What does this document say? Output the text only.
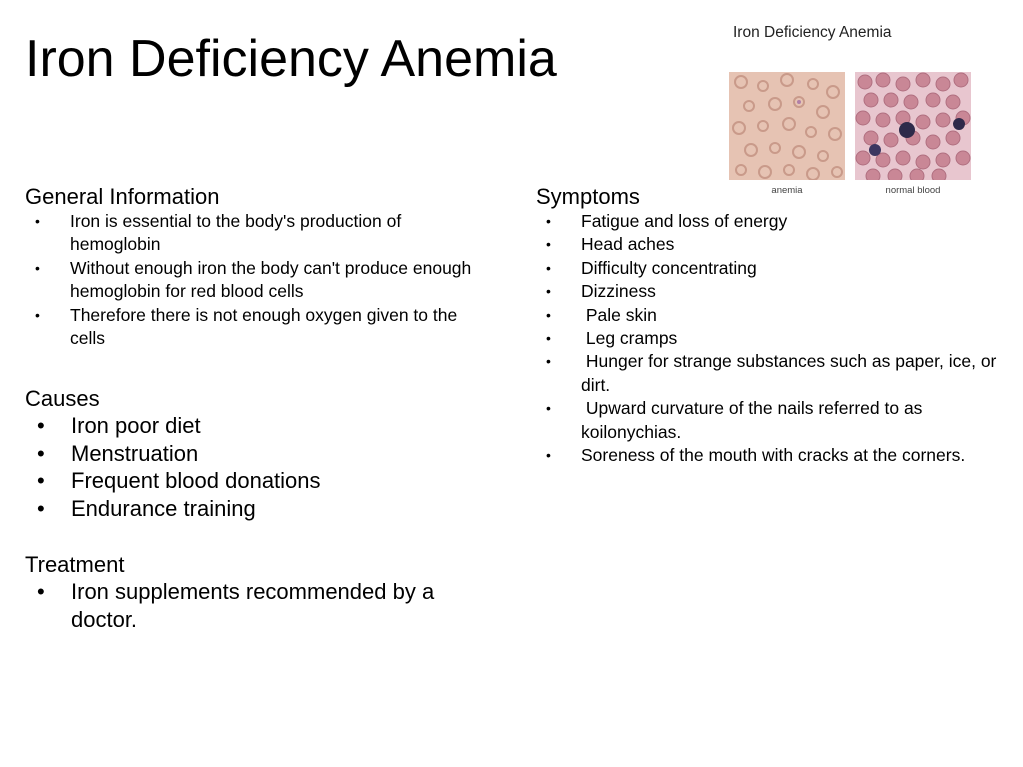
Iron Deficiency Anemia	Iron Deficiency Anemia
anemia	normal blood
General Information
• Iron is essential to the body's production of hemoglobin
• Without enough iron the body can't produce enough hemoglobin for red blood cells
• Therefore there is not enough oxygen given to the cells
Causes
• Iron poor diet
• Menstruation
• Frequent blood donations
• Endurance training
Treatment
• Iron supplements recommended by a doctor.
Symptoms
• Fatigue and loss of energy
• Head aches
• Difficulty concentrating
• Dizziness
• Pale skin
• Leg cramps
• Hunger for strange substances such as paper, ice, or dirt.
• Upward curvature of the nails referred to as koilonychias.
• Soreness of the mouth with cracks at the corners.
